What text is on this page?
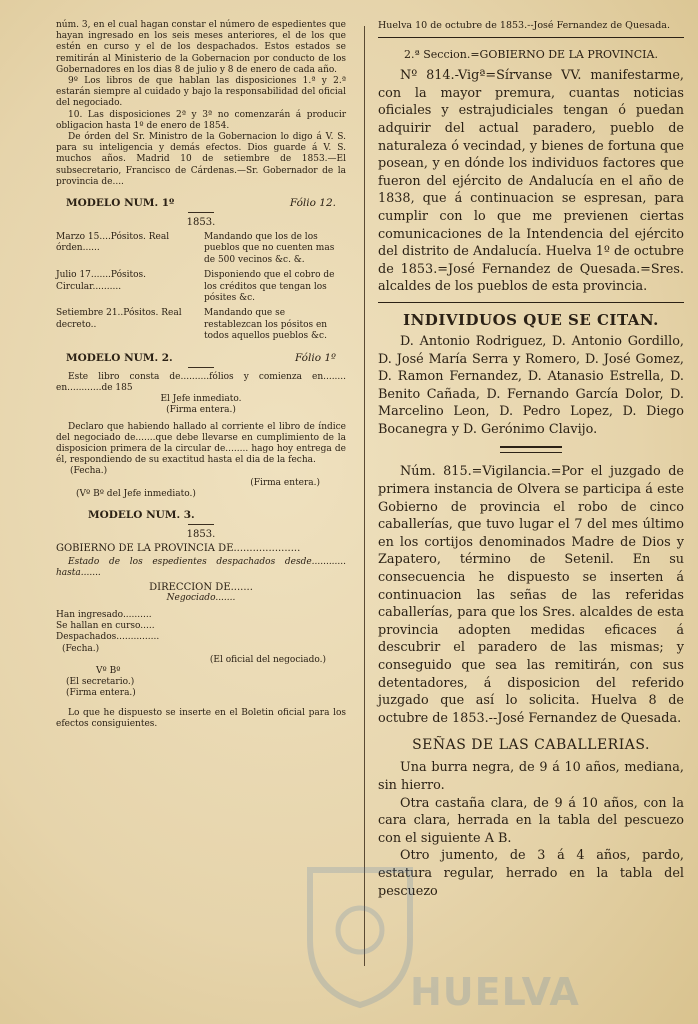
núm. 3, en el cual hagan constar el número de espedientes que hayan ingresado en los seis meses anteriores, el de los que estén en curso y el de los despachados. Estos estados se remitirán al Ministerio de la Gobernacion por conducto de los Gobernadores en los dias 8 de julio y 8 de enero de cada año.

9º Los libros de que hablan las disposiciones 1.ª y 2.ª estarán siempre al cuidado y bajo la responsabilidad del oficial del negociado.

10. Las disposiciones 2ª y 3ª no comenzarán á producir obligacion hasta 1º de enero de 1854.

De órden del Sr. Ministro de la Gobernacion lo digo á V. S. para su inteligencia y demás efectos. Dios guarde á V. S. muchos años. Madrid 10 de setiembre de 1853.—El subsecretario, Francisco de Cárdenas.—Sr. Gobernador de la provincia de....

MODELO NUM. 1º	Fólio 12.
1853.
Marzo 15....Pósitos. Real órden......
Mandando que los de los pueblos que no cuenten mas de 500 vecinos &c. &.
Julio 17.......Pósitos. Circular..........
Disponiendo que el cobro de los créditos que tengan los pósites &c.
Setiembre 21..Pósitos. Real decreto..
Mandando que se restablezcan los pósitos en todos aquellos pueblos &c.
MODELO NUM. 2.	Fólio 1º

Este libro consta de..........fólios y comienza en........ en............de 185

El Jefe inmediato.
(Firma entera.)

Declaro que habiendo hallado al corriente el libro de índice del negociado de.......que debe llevarse en cumplimiento de la disposicion primera de la circular de........ hago hoy entrega de él, respondiendo de su exactitud hasta el dia de la fecha.

(Fecha.)
(Firma entera.)
(Vº Bº del Jefe inmediato.)
MODELO NUM. 3.
1853.
GOBIERNO DE LA PROVINCIA DE.....................

Estado de los espedientes despachados desde............ hasta.......

DIRECCION DE.......
Negociado.......
Han ingresado..........
Se hallan en curso.....
Despachados...............
(Fecha.)
(El oficial del negociado.)
Vº Bº
(El secretario.)
(Firma entera.)

Lo que he dispuesto se inserte en el Boletin oficial para los efectos consiguientes.

Huelva 10 de octubre de 1853.--José Fernandez de Quesada.
2.ª Seccion.=GOBIERNO DE LA PROVINCIA.

Nº 814.-Vigª=Sírvanse VV. manifestarme, con la mayor premura, cuantas noticias oficiales y estrajudiciales tengan ó puedan adquirir del actual paradero, pueblo de naturaleza ó vecindad, y bienes de fortuna que posean, y en dónde los individuos factores que fueron del ejército de Andalucía en el año de 1838, que á continuacion se espresan, para cumplir con lo que me previenen ciertas comunicaciones de la Intendencia del ejército del distrito de Andalucía. Huelva 1º de octubre de 1853.=José Fernandez de Quesada.=Sres. alcaldes de los pueblos de esta provincia.

INDIVIDUOS QUE SE CITAN.

D. Antonio Rodriguez, D. Antonio Gordillo, D. José María Serra y Romero, D. José Gomez, D. Ramon Fernandez, D. Atanasio Estrella, D. Benito Cañada, D. Fernando García Dolor, D. Marcelino Leon, D. Pedro Lopez, D. Diego Bocanegra y D. Gerónimo Clavijo.

Núm. 815.=Vigilancia.=Por el juzgado de primera instancia de Olvera se participa á este Gobierno de provincia el robo de cinco caballerías, que tuvo lugar el 7 del mes último en los cortijos denominados Madre de Dios y Zapatero, término de Setenil. En su consecuencia he dispuesto se inserten á continuacion las señas de las referidas caballerías, para que los Sres. alcaldes de esta provincia adopten medidas eficaces á descubrir el paradero de las mismas; y conseguido que sea las remitirán, con sus detentadores, á disposicion del referido juzgado que así lo solicita. Huelva 8 de octubre de 1853.--José Fernandez de Quesada.

SEÑAS DE LAS CABALLERIAS.

Una burra negra, de 9 á 10 años, mediana, sin hierro.

Otra castaña clara, de 9 á 10 años, con la cara clara, herrada en la tabla del pescuezo con el siguiente A B.

Otro jumento, de 3 á 4 años, pardo, estatura regular, herrado en la tabla del pescuezo

HUELVA
